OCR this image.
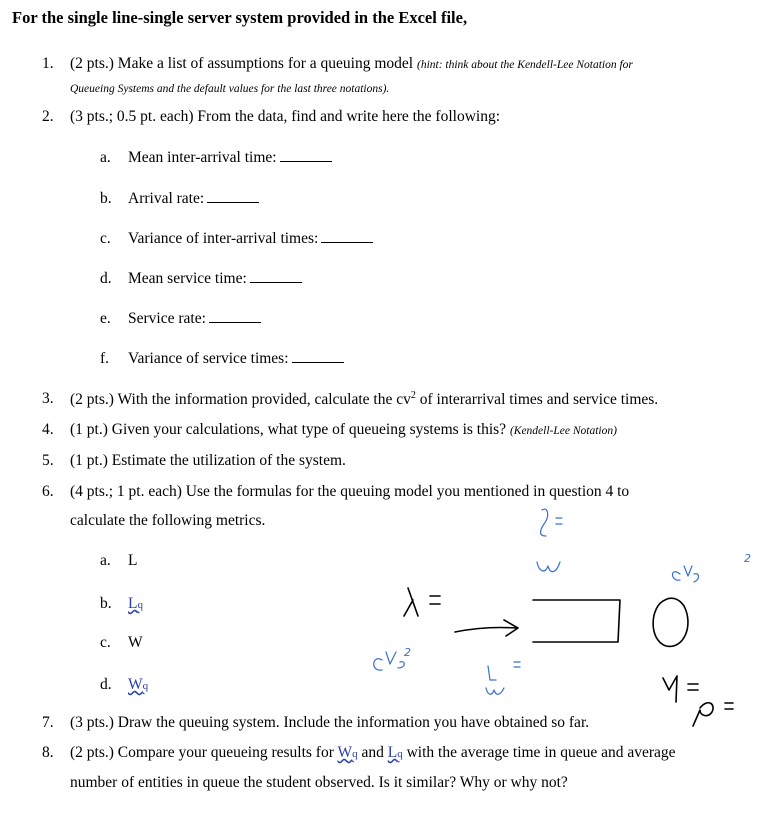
For the single line-single server system provided in the Excel file,
1. (2 pts.) Make a list of assumptions for a queuing model (hint: think about the Kendell-Lee Notation for
Queueing Systems and the default values for the last three notations).
2. (3 pts.; 0.5 pt. each) From the data, find and write here the following:
a. Mean inter-arrival time:
b. Arrival rate:
c. Variance of inter-arrival times:
d. Mean service time:
e. Service rate:
f. Variance of service times:
3. (2 pts.) With the information provided, calculate the $cv^2$ of interarrival times and service times.
4. (1 pt.) Given your calculations, what type of queueing systems is this? (Kendell-Lee Notation)
5. (1 pt.) Estimate the utilization of the system.
6. (4 pts.; 1 pt. each) Use the formulas for the queuing model you mentioned in question 4 to
calculate the following metrics.
a. L
b. Lq
c. W
d. Wq
7. (3 pts.) Draw the queuing system. Include the information you have obtained so far.
8. (2 pts.) Compare your queueing results for Wq and Lq with the average time in queue and average
number of entities in queue the student observed. Is it similar? Why or why not?
2
2
